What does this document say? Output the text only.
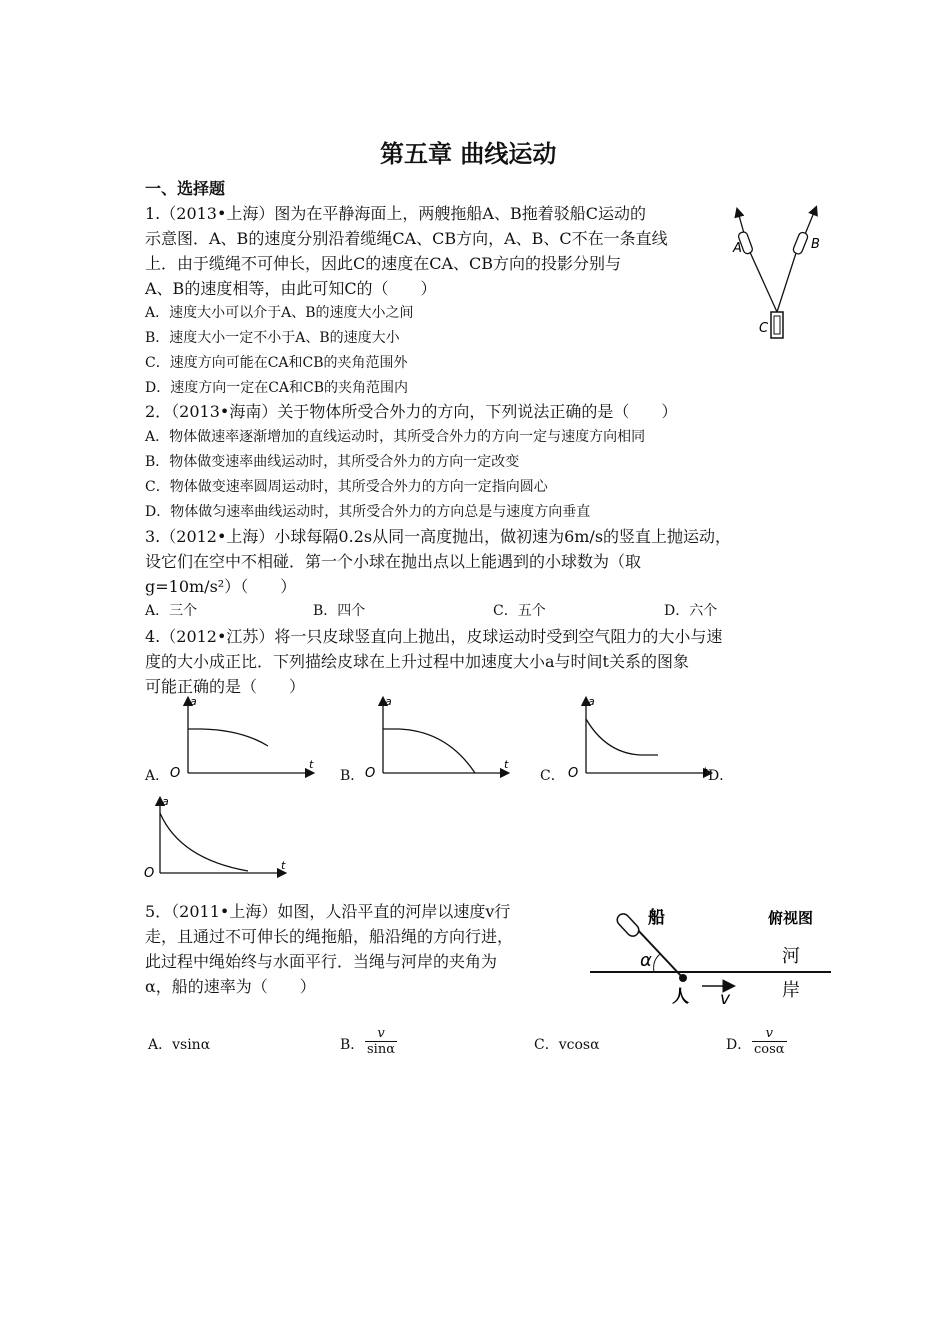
第五章 曲线运动
一、选择题
1.（2013•上海）图为在平静海面上，两艘拖船A、B拖着驳船C运动的
示意图．A、B的速度分别沿着缆绳CA、CB方向，A、B、C不在一条直线
上．由于缆绳不可伸长，因此C的速度在CA、CB方向的投影分别与
A、B的速度相等，由此可知C的（　　）
A．速度大小可以介于A、B的速度大小之间
B．速度大小一定不小于A、B的速度大小
C．速度方向可能在CA和CB的夹角范围外
D．速度方向一定在CA和CB的夹角范围内
A	B
C
2．（2013•海南）关于物体所受合外力的方向，下列说法正确的是（　　）
A．物体做速率逐渐增加的直线运动时，其所受合外力的方向一定与速度方向相同
B．物体做变速率曲线运动时，其所受合外力的方向一定改变
C．物体做变速率圆周运动时，其所受合外力的方向一定指向圆心
D．物体做匀速率曲线运动时，其所受合外力的方向总是与速度方向垂直
3.（2012•上海）小球每隔0.2s从同一高度抛出，做初速为6m/s的竖直上抛运动，
设它们在空中不相碰．第一个小球在抛出点以上能遇到的小球数为（取
g=10m/s²）（　　）
A．三个	B．四个	C．五个	D．六个
4.（2012•江苏）将一只皮球竖直向上抛出，皮球运动时受到空气阻力的大小与速
度的大小成正比．下列描绘皮球在上升过程中加速度大小a与时间t关系的图象
可能正确的是（　　）
A．	B．	C．	D．
a
t
O
a
t
O
a
t
O
a
t
O
5．（2011•上海）如图，人沿平直的河岸以速度v行
走，且通过不可伸长的绳拖船，船沿绳的方向行进，
此过程中绳始终与水面平行．当绳与河岸的夹角为
α，船的速率为（　　）
船	俯视图
河
岸
人 v
α
A．vsinα	B． $\frac{v}{\sin\alpha}$	C．vcosα	D． $\frac{v}{\cos\alpha}$
